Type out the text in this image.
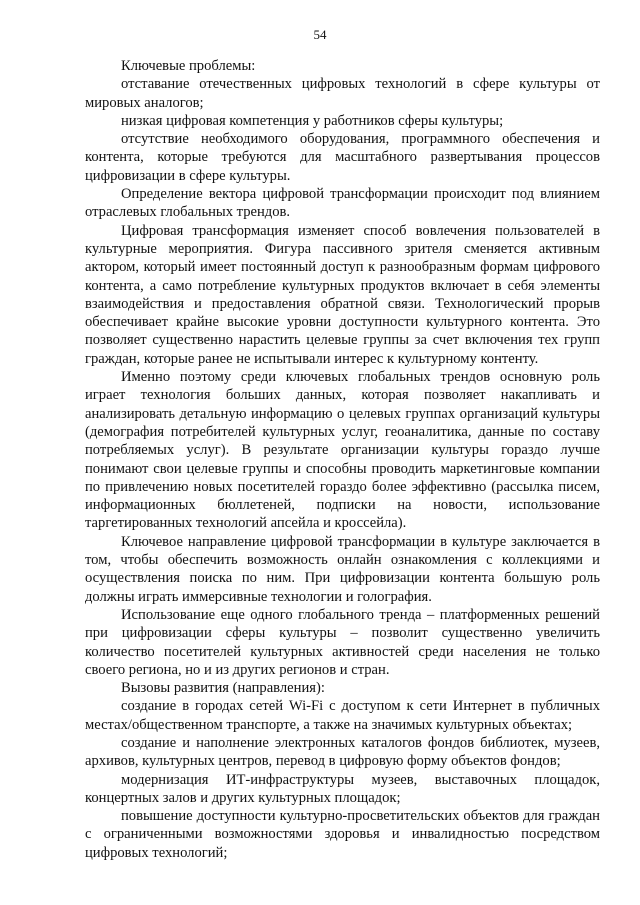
54

Ключевые проблемы:

отставание отечественных цифровых технологий в сфере культуры от мировых аналогов;

низкая цифровая компетенция у работников сферы культуры;

отсутствие необходимого оборудования, программного обеспечения и контента, которые требуются для масштабного развертывания процессов цифровизации в сфере культуры.

Определение вектора цифровой трансформации происходит под влиянием отраслевых глобальных трендов.

Цифровая трансформация изменяет способ вовлечения пользователей в культурные мероприятия. Фигура пассивного зрителя сменяется активным актором, который имеет постоянный доступ к разнообразным формам цифрового контента, а само потребление культурных продуктов включает в себя элементы взаимодействия и предоставления обратной связи. Технологический прорыв обеспечивает крайне высокие уровни доступности культурного контента. Это позволяет существенно нарастить целевые группы за счет включения тех групп граждан, которые ранее не испытывали интерес к культурному контенту.

Именно поэтому среди ключевых глобальных трендов основную роль играет технология больших данных, которая позволяет накапливать и анализировать детальную информацию о целевых группах организаций культуры (демография потребителей культурных услуг, геоаналитика, данные по составу потребляемых услуг). В результате организации культуры гораздо лучше понимают свои целевые группы и способны проводить маркетинговые компании по привлечению новых посетителей гораздо более эффективно (рассылка писем, информационных бюллетеней, подписки на новости, использование таргетированных технологий апсейла и кроссейла).

Ключевое направление цифровой трансформации в культуре заключается в том, чтобы обеспечить возможность онлайн ознакомления с коллекциями и осуществления поиска по ним. При цифровизации контента большую роль должны играть иммерсивные технологии и голография.

Использование еще одного глобального тренда – платформенных решений при цифровизации сферы культуры – позволит существенно увеличить количество посетителей культурных активностей среди населения не только своего региона, но и из других регионов и стран.

Вызовы развития (направления):

создание в городах сетей Wi-Fi с доступом к сети Интернет в публичных местах/общественном транспорте, а также на значимых культурных объектах;

создание и наполнение электронных каталогов фондов библиотек, музеев, архивов, культурных центров, перевод в цифровую форму объектов фондов;

модернизация ИТ-инфраструктуры музеев, выставочных площадок, концертных залов и других культурных площадок;

повышение доступности культурно-просветительских объектов для граждан с ограниченными возможностями здоровья и инвалидностью посредством цифровых технологий;
